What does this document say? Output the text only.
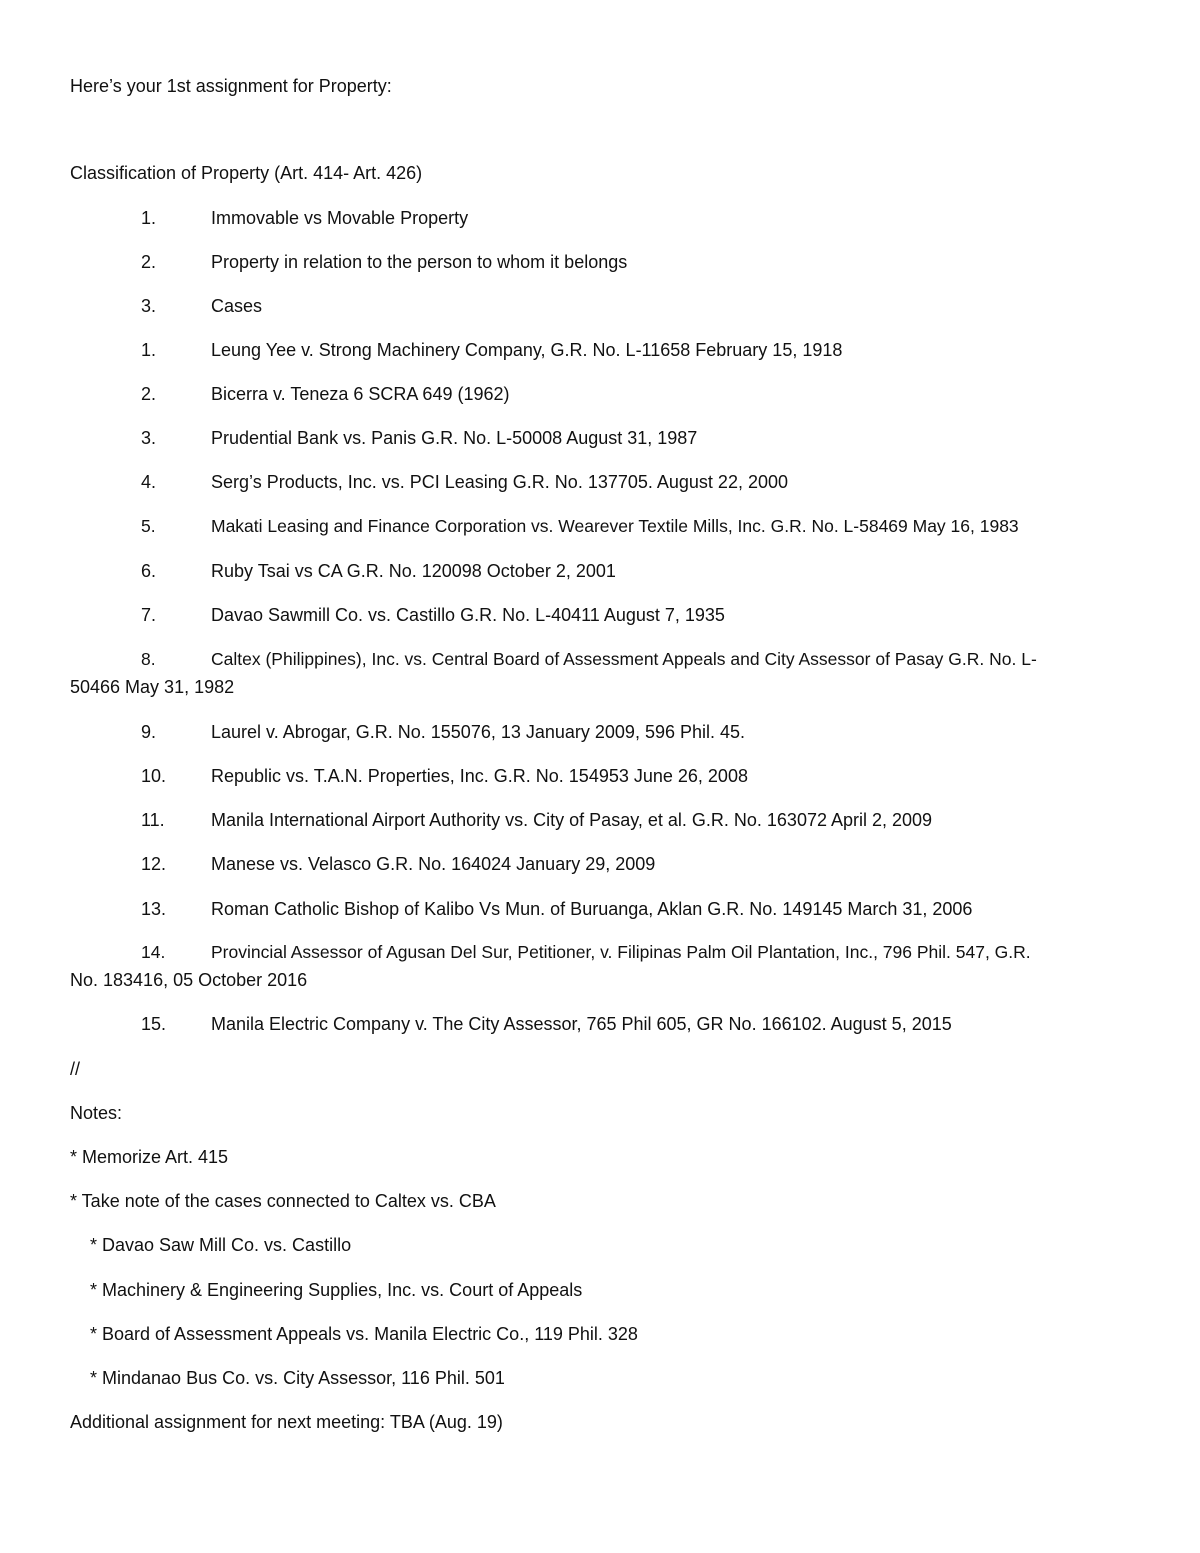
Here’s your 1st assignment for Property:
Classification of Property (Art. 414- Art. 426)
1.	Immovable vs Movable Property
2.	Property in relation to the person to whom it belongs
3.	Cases
1.	Leung Yee v. Strong Machinery Company, G.R. No. L-11658 February 15, 1918
2.	Bicerra v. Teneza 6 SCRA 649 (1962)
3.	Prudential Bank vs. Panis G.R. No. L-50008 August 31, 1987
4.	Serg’s Products, Inc. vs. PCI Leasing G.R. No. 137705. August 22, 2000
5.	Makati Leasing and Finance Corporation vs. Wearever Textile Mills, Inc. G.R. No. L-58469 May 16, 1983
6.	Ruby Tsai vs CA G.R. No. 120098 October 2, 2001
7.	Davao Sawmill Co. vs. Castillo G.R. No. L-40411 August 7, 1935
8.	Caltex (Philippines), Inc. vs. Central Board of Assessment Appeals and City Assessor of Pasay G.R. No. L-
50466 May 31, 1982
9.	Laurel v. Abrogar, G.R. No. 155076, 13 January 2009, 596 Phil. 45.
10. Republic vs. T.A.N. Properties, Inc. G.R. No. 154953 June 26, 2008
11.	Manila International Airport Authority vs. City of Pasay, et al. G.R. No. 163072 April 2, 2009
12. Manese vs. Velasco G.R. No. 164024 January 29, 2009
13. Roman Catholic Bishop of Kalibo Vs Mun. of Buruanga, Aklan G.R. No. 149145 March 31, 2006
14.	Provincial Assessor of Agusan Del Sur, Petitioner, v. Filipinas Palm Oil Plantation, Inc., 796 Phil. 547, G.R.
No. 183416, 05 October 2016
15. Manila Electric Company v. The City Assessor, 765 Phil 605, GR No. 166102. August 5, 2015
//
Notes:
* Memorize Art. 415
* Take note of the cases connected to Caltex vs. CBA
* Davao Saw Mill Co. vs. Castillo
* Machinery & Engineering Supplies, Inc. vs. Court of Appeals
* Board of Assessment Appeals vs. Manila Electric Co., 119 Phil. 328
* Mindanao Bus Co. vs. City Assessor, 116 Phil. 501
Additional assignment for next meeting: TBA (Aug. 19)
